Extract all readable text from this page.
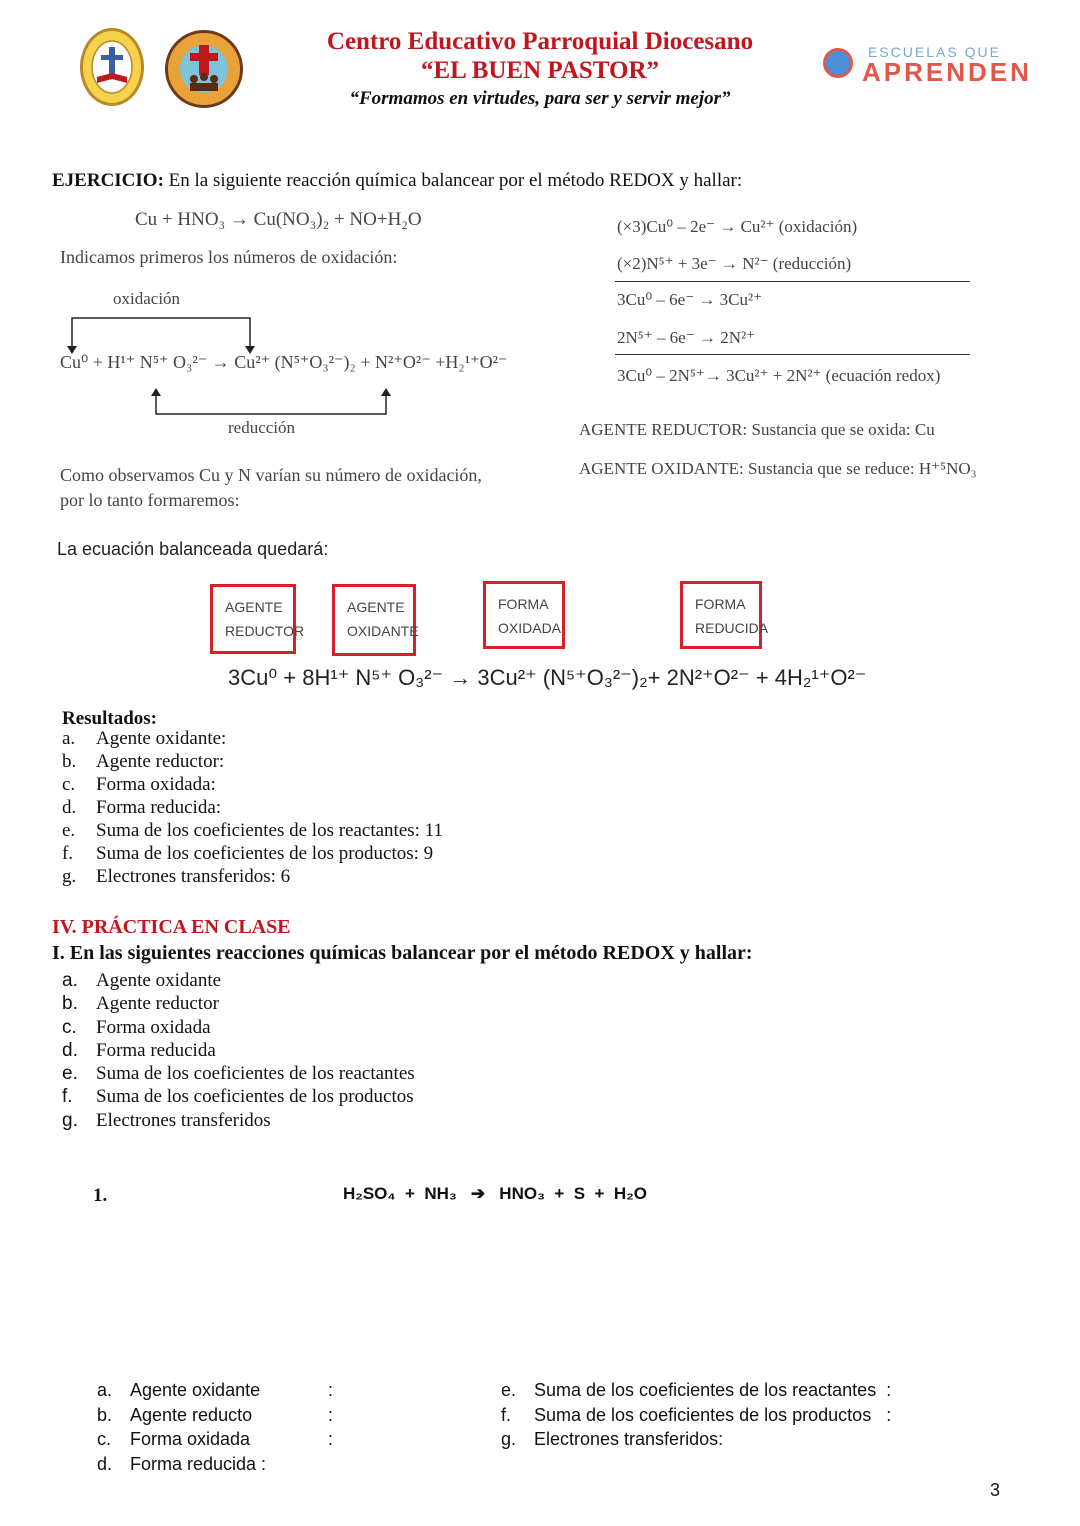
Centro Educativo Parroquial Diocesano
“EL BUEN PASTOR”
“Formamos en virtudes, para ser y servir mejor”
ESCUELAS QUE
APRENDEN
EJERCICIO: En la siguiente reacción química balancear por el método REDOX y hallar:
Cu + HNO₃ → Cu(NO₃)₂ + NO+H₂O
Indicamos primeros los números de oxidación:
oxidación
Cu⁰ + H¹⁺ N⁵⁺ O₃²⁻ → Cu²⁺ (N⁵⁺O₃²⁻)₂ + N²⁺O²⁻ +H₂¹⁺O²⁻
reducción
Como observamos Cu y N varían su número de oxidación,
por lo tanto formaremos:
(×3)Cu⁰ – 2e⁻ → Cu²⁺ (oxidación)
(×2)N⁵⁺ + 3e⁻ → N²⁻ (reducción)
3Cu⁰ – 6e⁻ → 3Cu²⁺
2N⁵⁺ – 6e⁻ → 2N²⁺
3Cu⁰ – 2N⁵⁺→ 3Cu²⁺ + 2N²⁺ (ecuación redox)
AGENTE REDUCTOR: Sustancia que se oxida: Cu
AGENTE OXIDANTE: Sustancia que se reduce: H⁺⁵NO₃
La ecuación balanceada quedará:
AGENTE
REDUCTOR
AGENTE
OXIDANTE
FORMA
OXIDADA
FORMA
REDUCIDA
3Cu⁰ + 8H¹⁺ N⁵⁺ O₃²⁻ → 3Cu²⁺ (N⁵⁺O₃²⁻)₂+ 2N²⁺O²⁻ + 4H₂¹⁺O²⁻
Resultados:
a.	Agente oxidante:
b.	Agente reductor:
c.	Forma oxidada:
d.	Forma reducida:
e.	Suma de los coeficientes de los reactantes: 11
f.	Suma de los coeficientes de los productos: 9
g.	Electrones transferidos: 6
IV. PRÁCTICA EN CLASE
I. En las siguientes reacciones químicas balancear por el método REDOX y hallar:
a. Agente oxidante
b. Agente reductor
c.	Forma oxidada
d. Forma reducida
e. Suma de los coeficientes de los reactantes
f.	Suma de los coeficientes de los productos
g. Electrones transferidos
1.	H₂SO₄  +  NH₃   ➔   HNO₃  +  S  +  H₂O
a. Agente oxidante	:
b. Agente reducto	:
c.	Forma oxidada	:
d. Forma reducida :
e. Suma de los coeficientes de los reactantes  :
f.	Suma de los coeficientes de los productos   :
g. Electrones transferidos:
3
